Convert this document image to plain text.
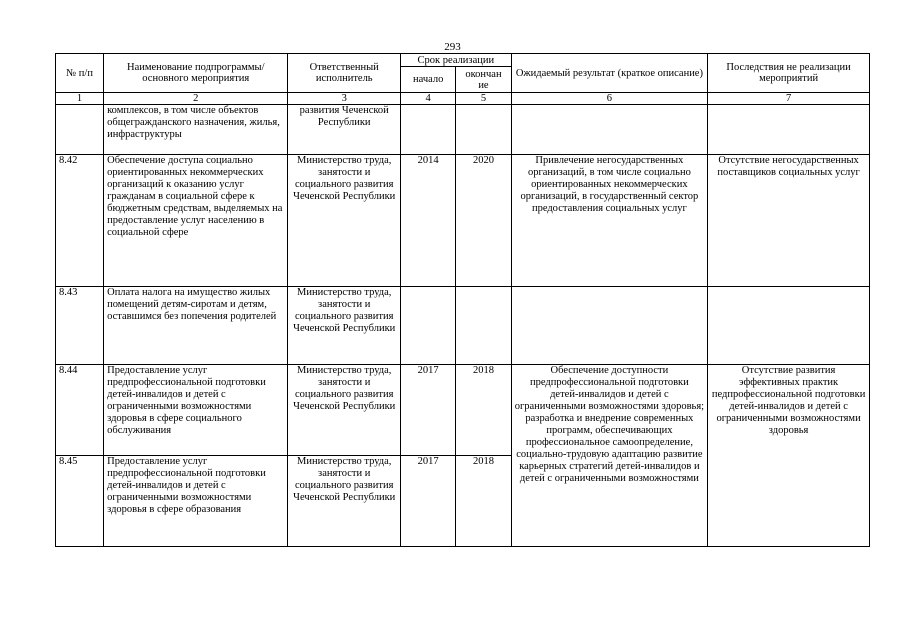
293
№ п/п	Наименование подпрограммы/ основного мероприятия	Ответственный исполнитель	Срок реализации		Ожидаемый результат (краткое описание)	Последствия не реализации мероприятий
			начало	окончан ие		
1	2	3	4	5	6	7
	комплексов, в том числе объектов общегражданского назначения, жилья, инфраструктуры	развития Чеченской Республики				
8.42	Обеспечение доступа социально ориентированных некоммерческих организаций к оказанию услуг гражданам в социальной сфере к бюджетным средствам, выделяемых на предоставление услуг населению в социальной сфере	Министерство труда, занятости и социального развития Чеченской Республики	2014	2020	Привлечение негосударственных организаций, в том числе социально ориентированных некоммерческих организаций, в государственный сектор предоставления социальных услуг	Отсутствие негосударственных поставщиков социальных услуг
8.43	Оплата налога на имущество жилых помещений детям-сиротам и детям, оставшимся без попечения родителей	Министерство труда, занятости и социального развития Чеченской Республики				
8.44	Предоставление услуг предпрофессиональной подготовки детей-инвалидов и детей с ограниченными возможностями здоровья в сфере социального обслуживания	Министерство труда, занятости и социального развития Чеченской Республики	2017	2018	Обеспечение доступности предпрофессиональной подготовки детей-инвалидов и детей с ограниченными возможностями здоровья; разработка и внедрение современных программ, обеспечивающих профессиональное самоопределение, социально-трудовую адаптацию развитие карьерных стратегий детей-инвалидов и детей с ограниченными возможностями	Отсутствие развития эффективных практик педпрофессиональной подготовки детей-инвалидов и детей с ограниченными возможностями здоровья
8.45	Предоставление услуг предпрофессиональной подготовки детей-инвалидов и детей с ограниченными возможностями здоровья в сфере образования	Министерство труда, занятости и социального развития Чеченской Республики	2017	2018		
